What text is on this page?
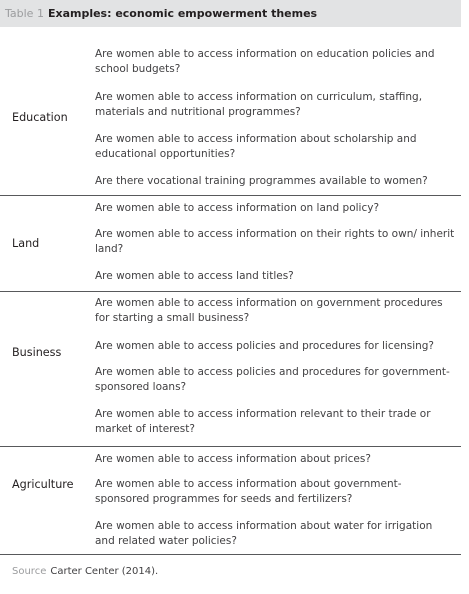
Table 1 Examples: economic empowerment themes
Education
Are women able to access information on education policies and school budgets?
Are women able to access information on curriculum, staffing, materials and nutritional programmes?
Are women able to access information about scholarship and educational opportunities?
Are there vocational training programmes available to women?
Land
Are women able to access information on land policy?
Are women able to access information on their rights to own/ inherit land?
Are women able to access land titles?
Business
Are women able to access information on government procedures for starting a small business?
Are women able to access policies and procedures for licensing?
Are women able to access policies and procedures for government-sponsored loans?
Are women able to access information relevant to their trade or market of interest?
Agriculture
Are women able to access information about prices?
Are women able to access information about government-sponsored programmes for seeds and fertilizers?
Are women able to access information about water for irrigation and related water policies?
Source Carter Center (2014).
